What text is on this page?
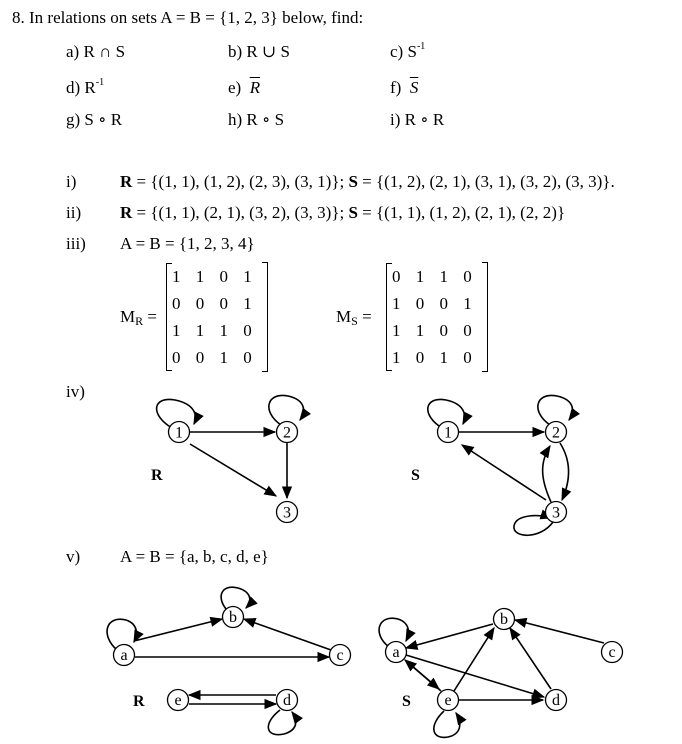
8. In relations on sets A = B = {1, 2, 3} below, find:
a) R ∩ S	b) R ∪ S	c) $S^{-1}$
d) $R^{-1}$	e) $\overline{R}$	f) $\overline{S}$
g) S ∘ R	h) R ∘ S	i) R ∘ R
i)	R = {(1, 1), (1, 2), (2, 3), (3, 1)}; S = {(1, 2), (2, 1), (3, 1), (3, 2), (3, 3)}.
ii) R = {(1, 1), (2, 1), (3, 2), (3, 3)}; S = {(1, 1), (1, 2), (2, 1), (2, 2)}
iii) A = B = {1, 2, 3, 4}
$M_R$ =
1 1 0 1
0 0 0 1
1 1 1 0
0 0 1 0
$M_S$ =
0 1 1 0
1 0 0 1
1 1 0 0
1 0 1 0
iv)
v) A = B = {a, b, c, d, e}
1	2
3
R
1	2
3
S
a
b
c
d
e
R
a
b
c
d
e
S
